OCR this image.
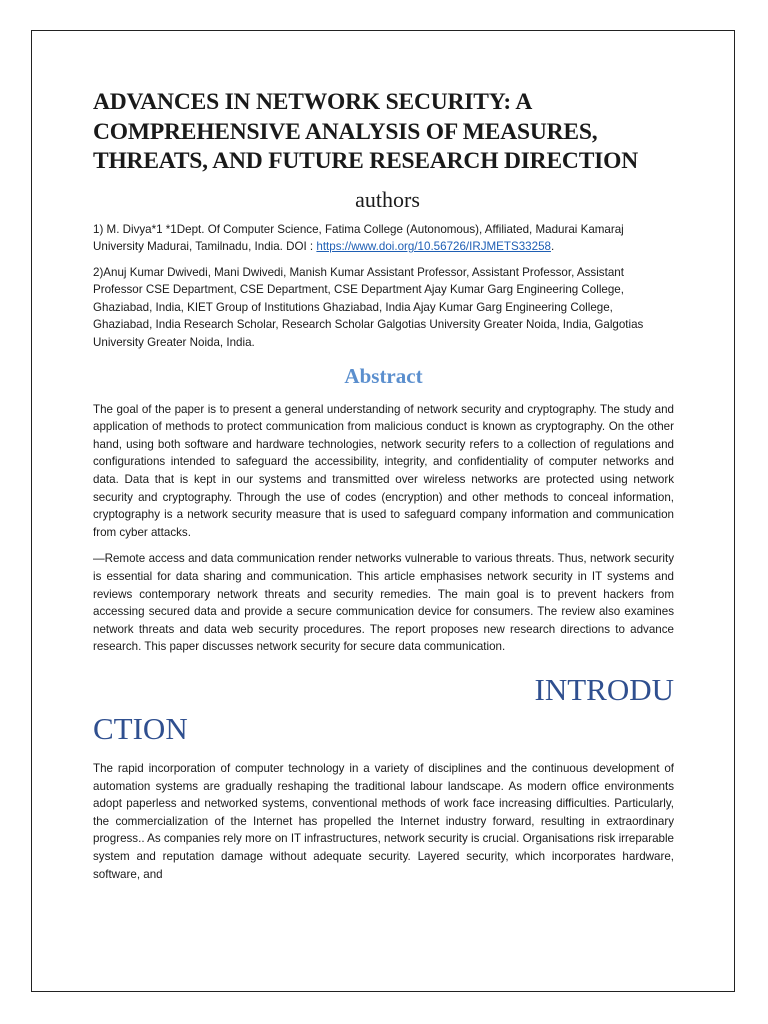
ADVANCES IN NETWORK SECURITY: A COMPREHENSIVE ANALYSIS OF MEASURES, THREATS, AND FUTURE RESEARCH DIRECTION
authors

1) M. Divya*1 *1Dept. Of Computer Science, Fatima College (Autonomous), Affiliated, Madurai Kamaraj University Madurai, Tamilnadu, India. DOI : https://www.doi.org/10.56726/IRJMETS33258.

2)Anuj Kumar Dwivedi, Mani Dwivedi, Manish Kumar Assistant Professor, Assistant Professor, Assistant Professor CSE Department, CSE Department, CSE Department Ajay Kumar Garg Engineering College, Ghaziabad, India, KIET Group of Institutions Ghaziabad, India Ajay Kumar Garg Engineering College, Ghaziabad, India Research Scholar, Research Scholar Galgotias University Greater Noida, India, Galgotias University Greater Noida, India.

Abstract

The goal of the paper is to present a general understanding of network security and cryptography. The study and application of methods to protect communication from malicious conduct is known as cryptography. On the other hand, using both software and hardware technologies, network security refers to a collection of regulations and configurations intended to safeguard the accessibility, integrity, and confidentiality of computer networks and data. Data that is kept in our systems and transmitted over wireless networks are protected using network security and cryptography. Through the use of codes (encryption) and other methods to conceal information, cryptography is a network security measure that is used to safeguard company information and communication from cyber attacks.

—Remote access and data communication render networks vulnerable to various threats. Thus, network security is essential for data sharing and communication. This article emphasises network security in IT systems and reviews contemporary network threats and security remedies. The main goal is to prevent hackers from accessing secured data and provide a secure communication device for consumers. The review also examines network threats and data web security procedures. The report proposes new research directions to advance research. This paper discusses network security for secure data communication.

INTRODU
CTION

The rapid incorporation of computer technology in a variety of disciplines and the continuous development of automation systems are gradually reshaping the traditional labour landscape. As modern office environments adopt paperless and networked systems, conventional methods of work face increasing difficulties. Particularly, the commercialization of the Internet has propelled the Internet industry forward, resulting in extraordinary progress.. As companies rely more on IT infrastructures, network security is crucial. Organisations risk irreparable system and reputation damage without adequate security. Layered security, which incorporates hardware, software, and
